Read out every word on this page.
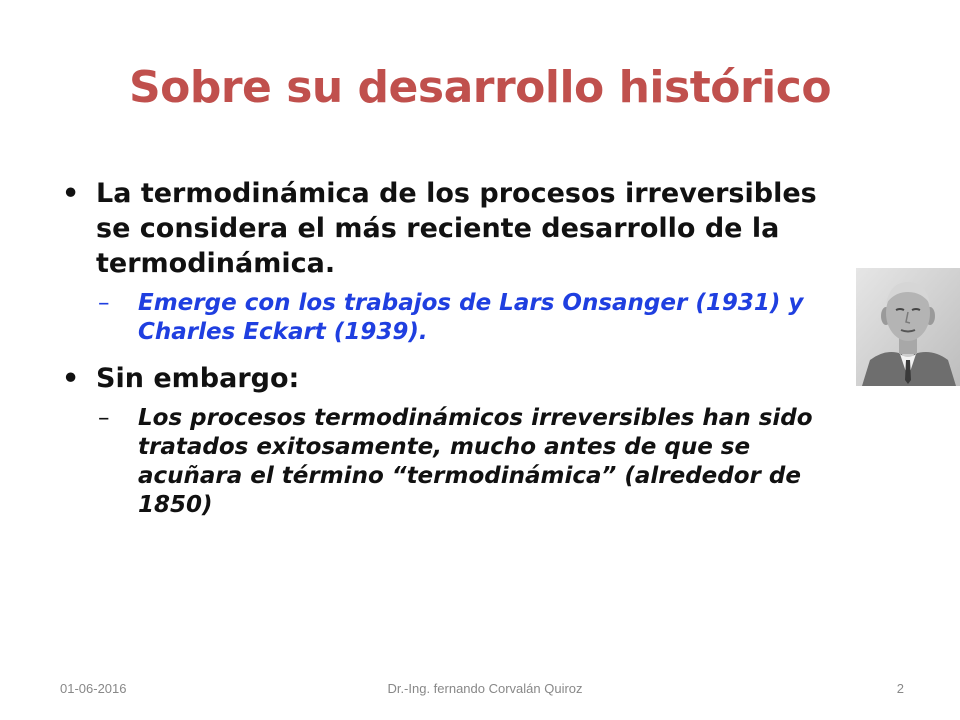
Sobre su desarrollo histórico
• La termodinámica de los procesos irreversibles se considera el más reciente desarrollo de la termodinámica.
– Emerge con los trabajos de Lars Onsanger (1931) y Charles Eckart (1939).
• Sin embargo:
– Los procesos termodinámicos irreversibles han sido tratados exitosamente, mucho antes de que se acuñara el término “termodinámica” (alrededor de 1850)
01-06-2016	Dr.-Ing. fernando Corvalán Quiroz	2
